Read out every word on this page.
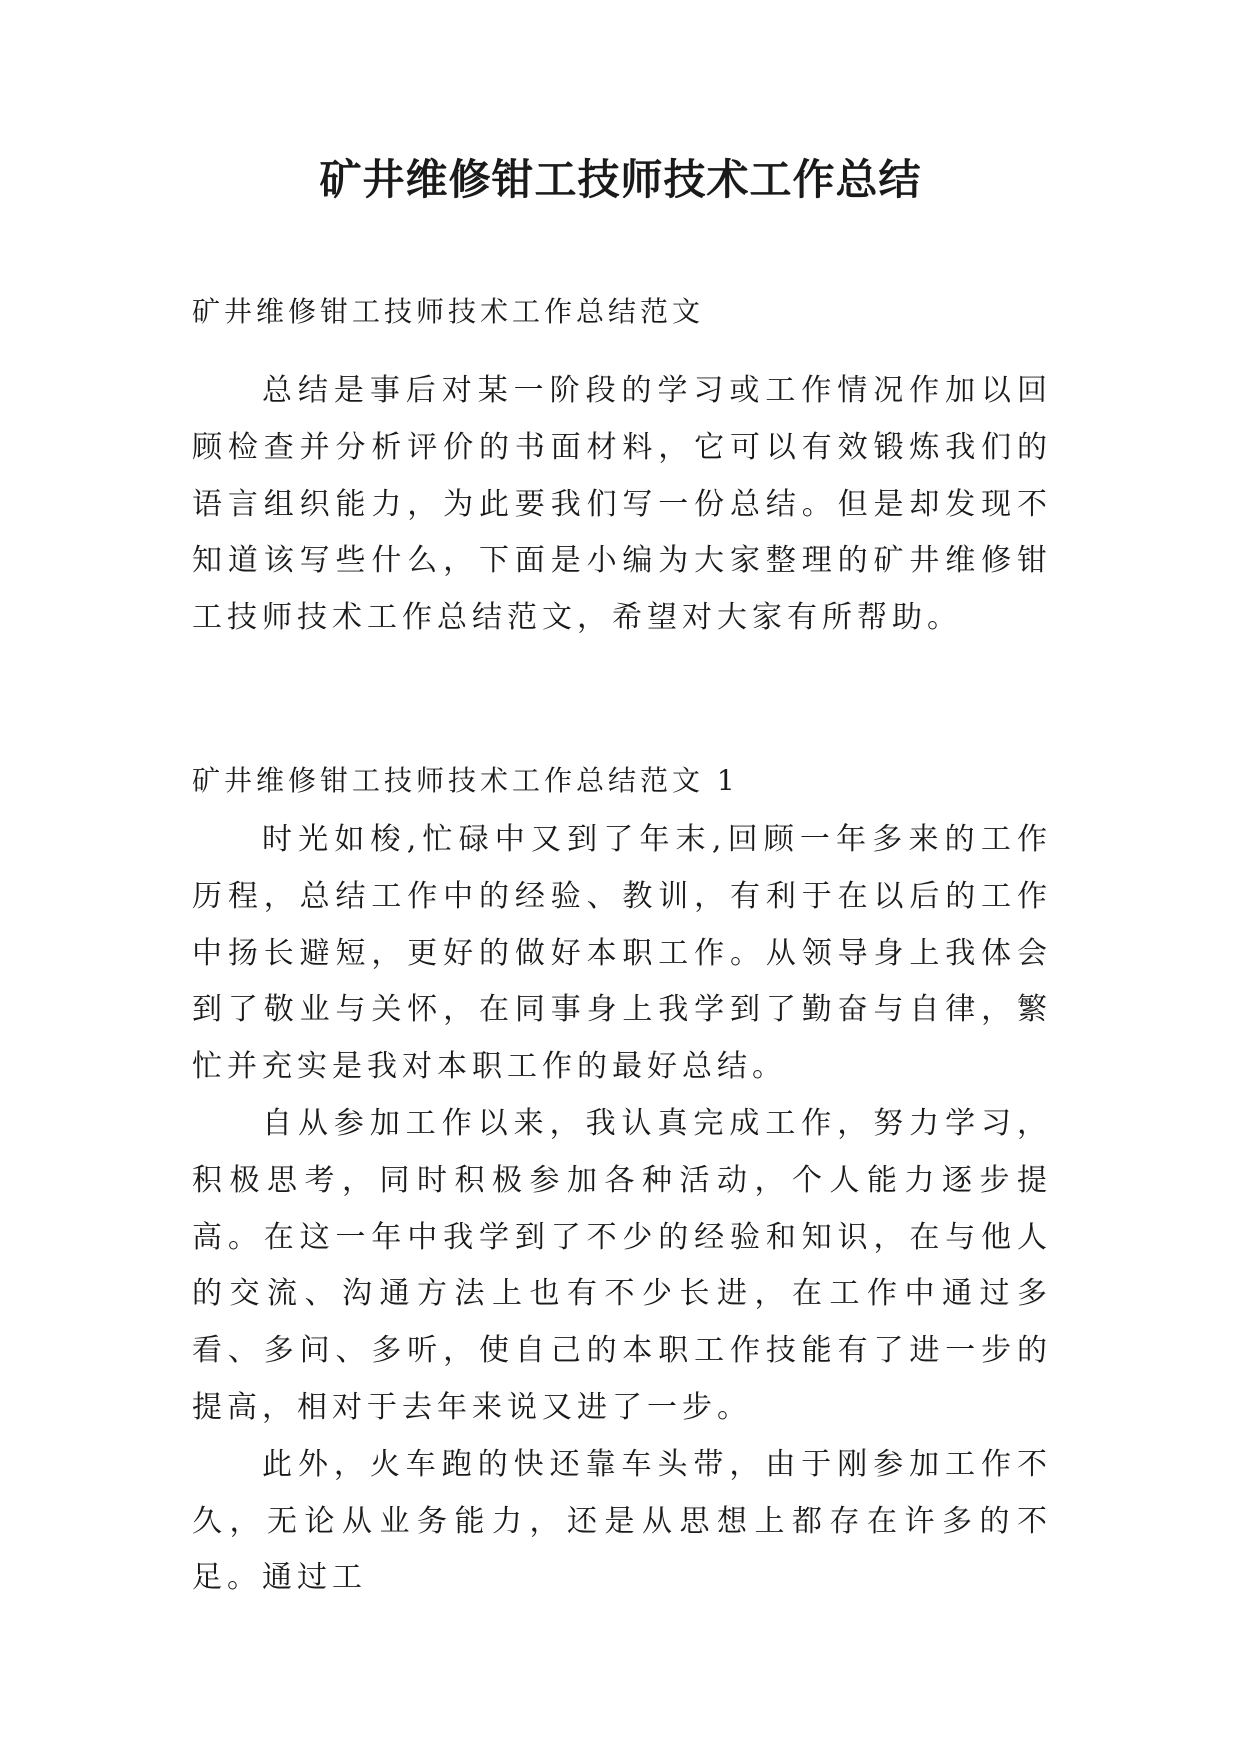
矿井维修钳工技师技术工作总结
矿井维修钳工技师技术工作总结范文

总结是事后对某一阶段的学习或工作情况作加以回顾检查并分析评价的书面材料，它可以有效锻炼我们的语言组织能力，为此要我们写一份总结。但是却发现不知道该写些什么，下面是小编为大家整理的矿井维修钳工技师技术工作总结范文，希望对大家有所帮助。

矿井维修钳工技师技术工作总结范文 1

时光如梭,忙碌中又到了年末,回顾一年多来的工作历程，总结工作中的经验、教训，有利于在以后的工作中扬长避短，更好的做好本职工作。从领导身上我体会到了敬业与关怀，在同事身上我学到了勤奋与自律，繁忙并充实是我对本职工作的最好总结。

自从参加工作以来，我认真完成工作，努力学习，积极思考，同时积极参加各种活动，个人能力逐步提高。在这一年中我学到了不少的经验和知识，在与他人的交流、沟通方法上也有不少长进，在工作中通过多看、多问、多听，使自己的本职工作技能有了进一步的提高，相对于去年来说又进了一步。

此外，火车跑的快还靠车头带，由于刚参加工作不久，无论从业务能力，还是从思想上都存在许多的不足。通过工
